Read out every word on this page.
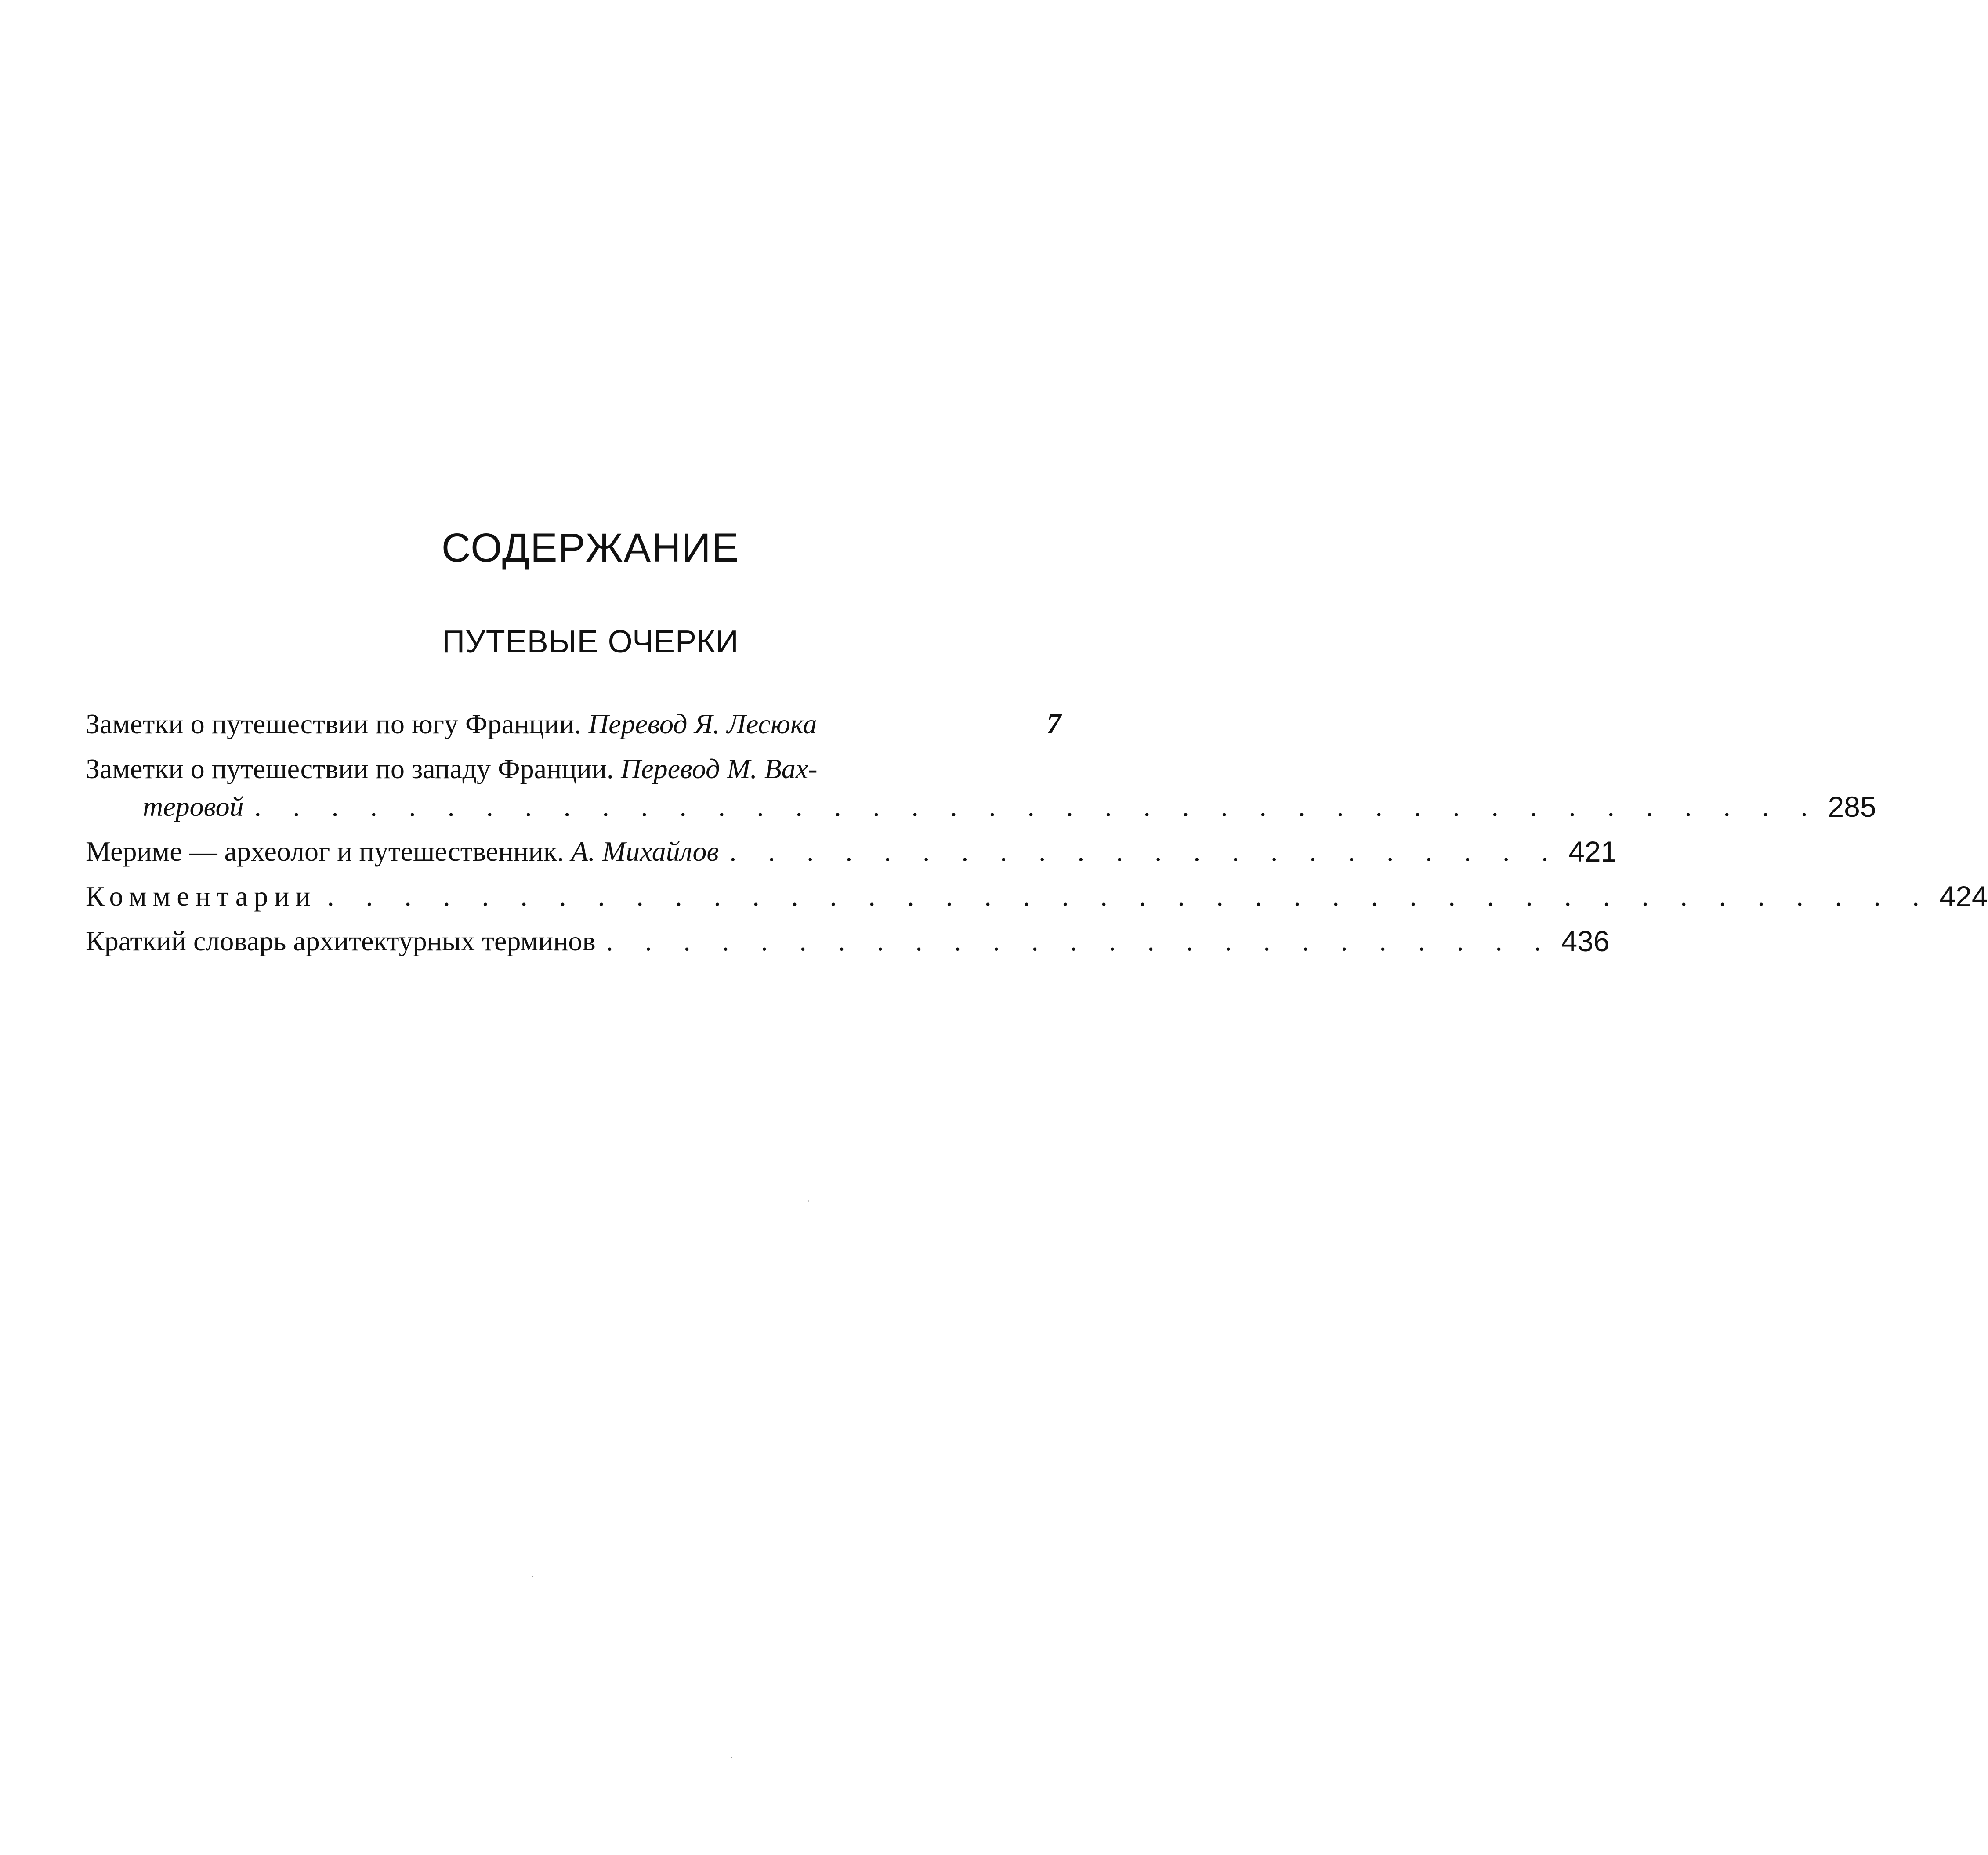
СОДЕРЖАНИЕ
ПУТЕВЫЕ ОЧЕРКИ
Заметки о путешествии по югу Франции. Перевод Я. Лесюка	7
Заметки о путешествии по западу Франции. Перевод М. Вах-
теровой . . . . . . . . . . . . . . . . . . . . . . . . . . . . . . . . . . . . . . . . . 285
Мериме — археолог и путешественник. А. Михайлов . . . . . . . . . . . . . . . . . . . . . . 421
Комментарии . . . . . . . . . . . . . . . . . . . . . . . . . . . . . . . . . . . . . . . . . . 424
Краткий словарь архитектурных терминов . . . . . . . . . . . . . . . . . . . . . . . . . 436
